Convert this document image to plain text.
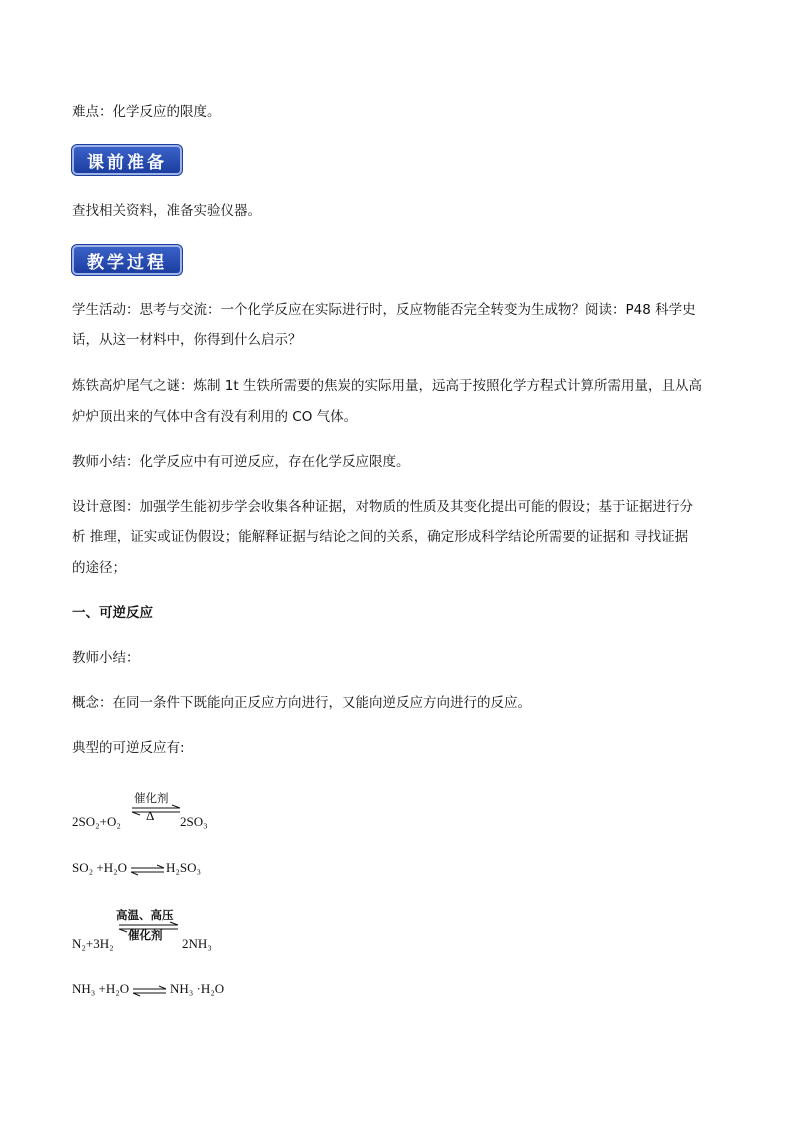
难点：化学反应的限度。
课前准备
查找相关资料，准备实验仪器。
教学过程
学生活动：思考与交流：一个化学反应在实际进行时，反应物能否完全转变为生成物？阅读：P48 科学史
话，从这一材料中，你得到什么启示？
炼铁高炉尾气之谜：炼制 1t 生铁所需要的焦炭的实际用量，远高于按照化学方程式计算所需用量，且从高
炉炉顶出来的气体中含有没有利用的 CO 气体。
教师小结：化学反应中有可逆反应，存在化学反应限度。
设计意图：加强学生能初步学会收集各种证据，对物质的性质及其变化提出可能的假设；基于证据进行分
析 推理，证实或证伪假设；能解释证据与结论之间的关系，确定形成科学结论所需要的证据和 寻找证据
的途径；
一、可逆反应
教师小结：
概念：在同一条件下既能向正反应方向进行，又能向逆反应方向进行的反应。
典型的可逆反应有:
催化剂
Δ
2SO₂+O₂	2SO₃
SO₂ +H₂O ⇌ H₂SO₃
高温、高压
催化剂
N₂+3H₂	2NH₃
NH₃ +H₂O ⇌ NH₃ ·H₂O
